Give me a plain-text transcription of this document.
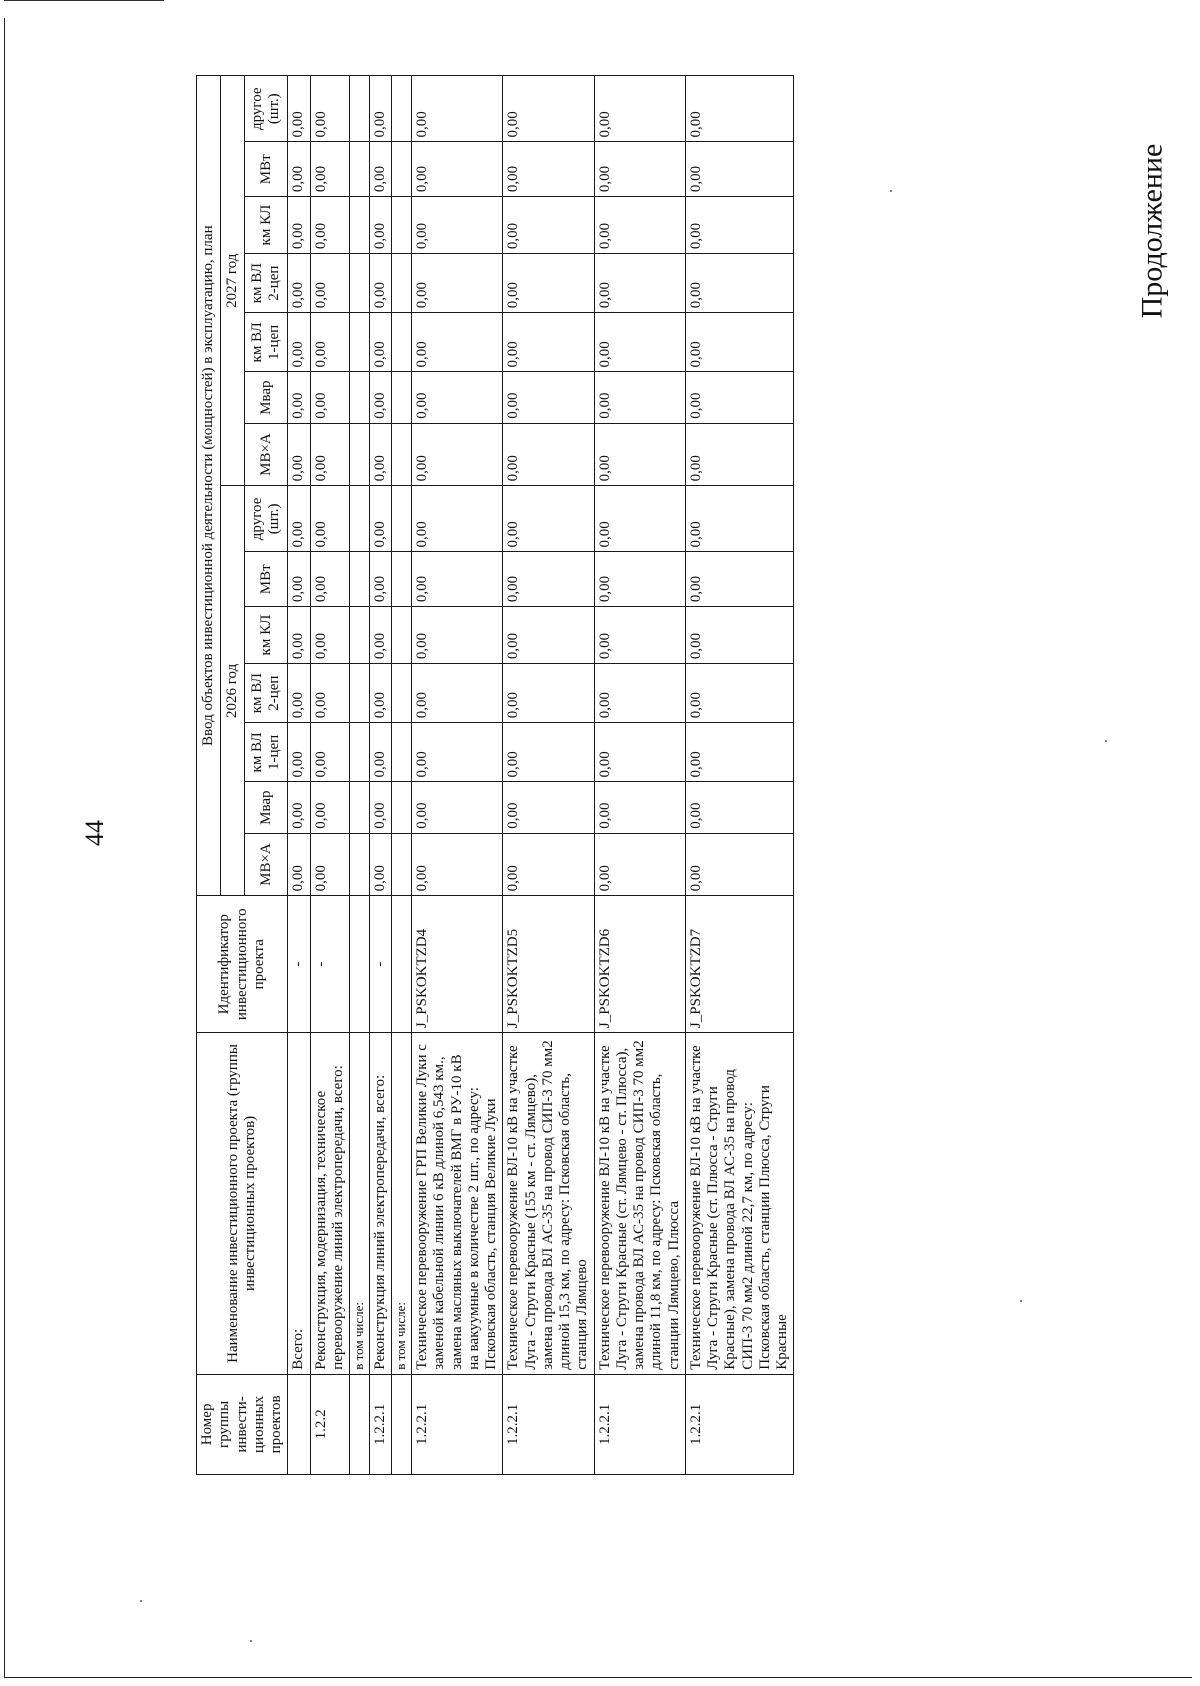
44
Продолжение
Номер группы инвести-ционных проектов	Наименование инвестиционного проекта (группы инвестиционных проектов)	Идентификатор инвестиционного проекта	Ввод объектов инвестиционной деятельности (мощностей) в эксплуатацию, план													
			2026 год							2027 год						
			МВ×А	Мвар	км ВЛ 1-цеп	км ВЛ 2-цеп	км КЛ	МВт	другое (шт.)	МВ×А	Мвар	км ВЛ 1-цеп	км ВЛ 2-цеп	км КЛ	МВт	другое (шт.)
	Всего:	-	0,00	0,00	0,00	0,00	0,00	0,00	0,00	0,00	0,00	0,00	0,00	0,00	0,00	0,00
1.2.2	Реконструкция, модернизация, техническое перевооружение линий электропередачи, всего:	-	0,00	0,00	0,00	0,00	0,00	0,00	0,00	0,00	0,00	0,00	0,00	0,00	0,00	0,00
	в том числе:															
1.2.2.1	Реконструкция линий электропередачи, всего:	-	0,00	0,00	0,00	0,00	0,00	0,00	0,00	0,00	0,00	0,00	0,00	0,00	0,00	0,00
	в том числе:															
1.2.2.1	Техническое перевооружение ГРП Великие Луки с заменой кабельной линии 6 кВ длиной 6,543 км., замена масляных выключателей ВМГ в РУ-10 кВ на вакуумные в количестве 2 шт., по адресу: Псковская область, станция Великие Луки	J_PSKOKTZD4	0,00	0,00	0,00	0,00	0,00	0,00	0,00	0,00	0,00	0,00	0,00	0,00	0,00	0,00
1.2.2.1	Техническое перевооружение ВЛ-10 кВ на участке Луга - Струги Красные (155 км - ст. Лямцево), замена провода ВЛ АС-35 на провод СИП-3 70 мм2 длиной 15,3 км, по адресу: Псковская область, станция Лямцево	J_PSKOKTZD5	0,00	0,00	0,00	0,00	0,00	0,00	0,00	0,00	0,00	0,00	0,00	0,00	0,00	0,00
1.2.2.1	Техническое перевооружение ВЛ-10 кВ на участке Луга - Струги Красные (ст. Лямцево - ст. Плюсса), замена провода ВЛ АС-35 на провод СИП-3 70 мм2 длиной 11,8 км, по адресу: Псковская область, станции Лямцево, Плюсса	J_PSKOKTZD6	0,00	0,00	0,00	0,00	0,00	0,00	0,00	0,00	0,00	0,00	0,00	0,00	0,00	0,00
1.2.2.1	Техническое перевооружение ВЛ-10 кВ на участке Луга - Струги Красные (ст. Плюсса - Струги Красные), замена провода ВЛ АС-35 на провод СИП-3 70 мм2 длиной 22,7 км, по адресу: Псковская область, станции Плюсса, Струги Красные	J_PSKOKTZD7	0,00	0,00	0,00	0,00	0,00	0,00	0,00	0,00	0,00	0,00	0,00	0,00	0,00	0,00
